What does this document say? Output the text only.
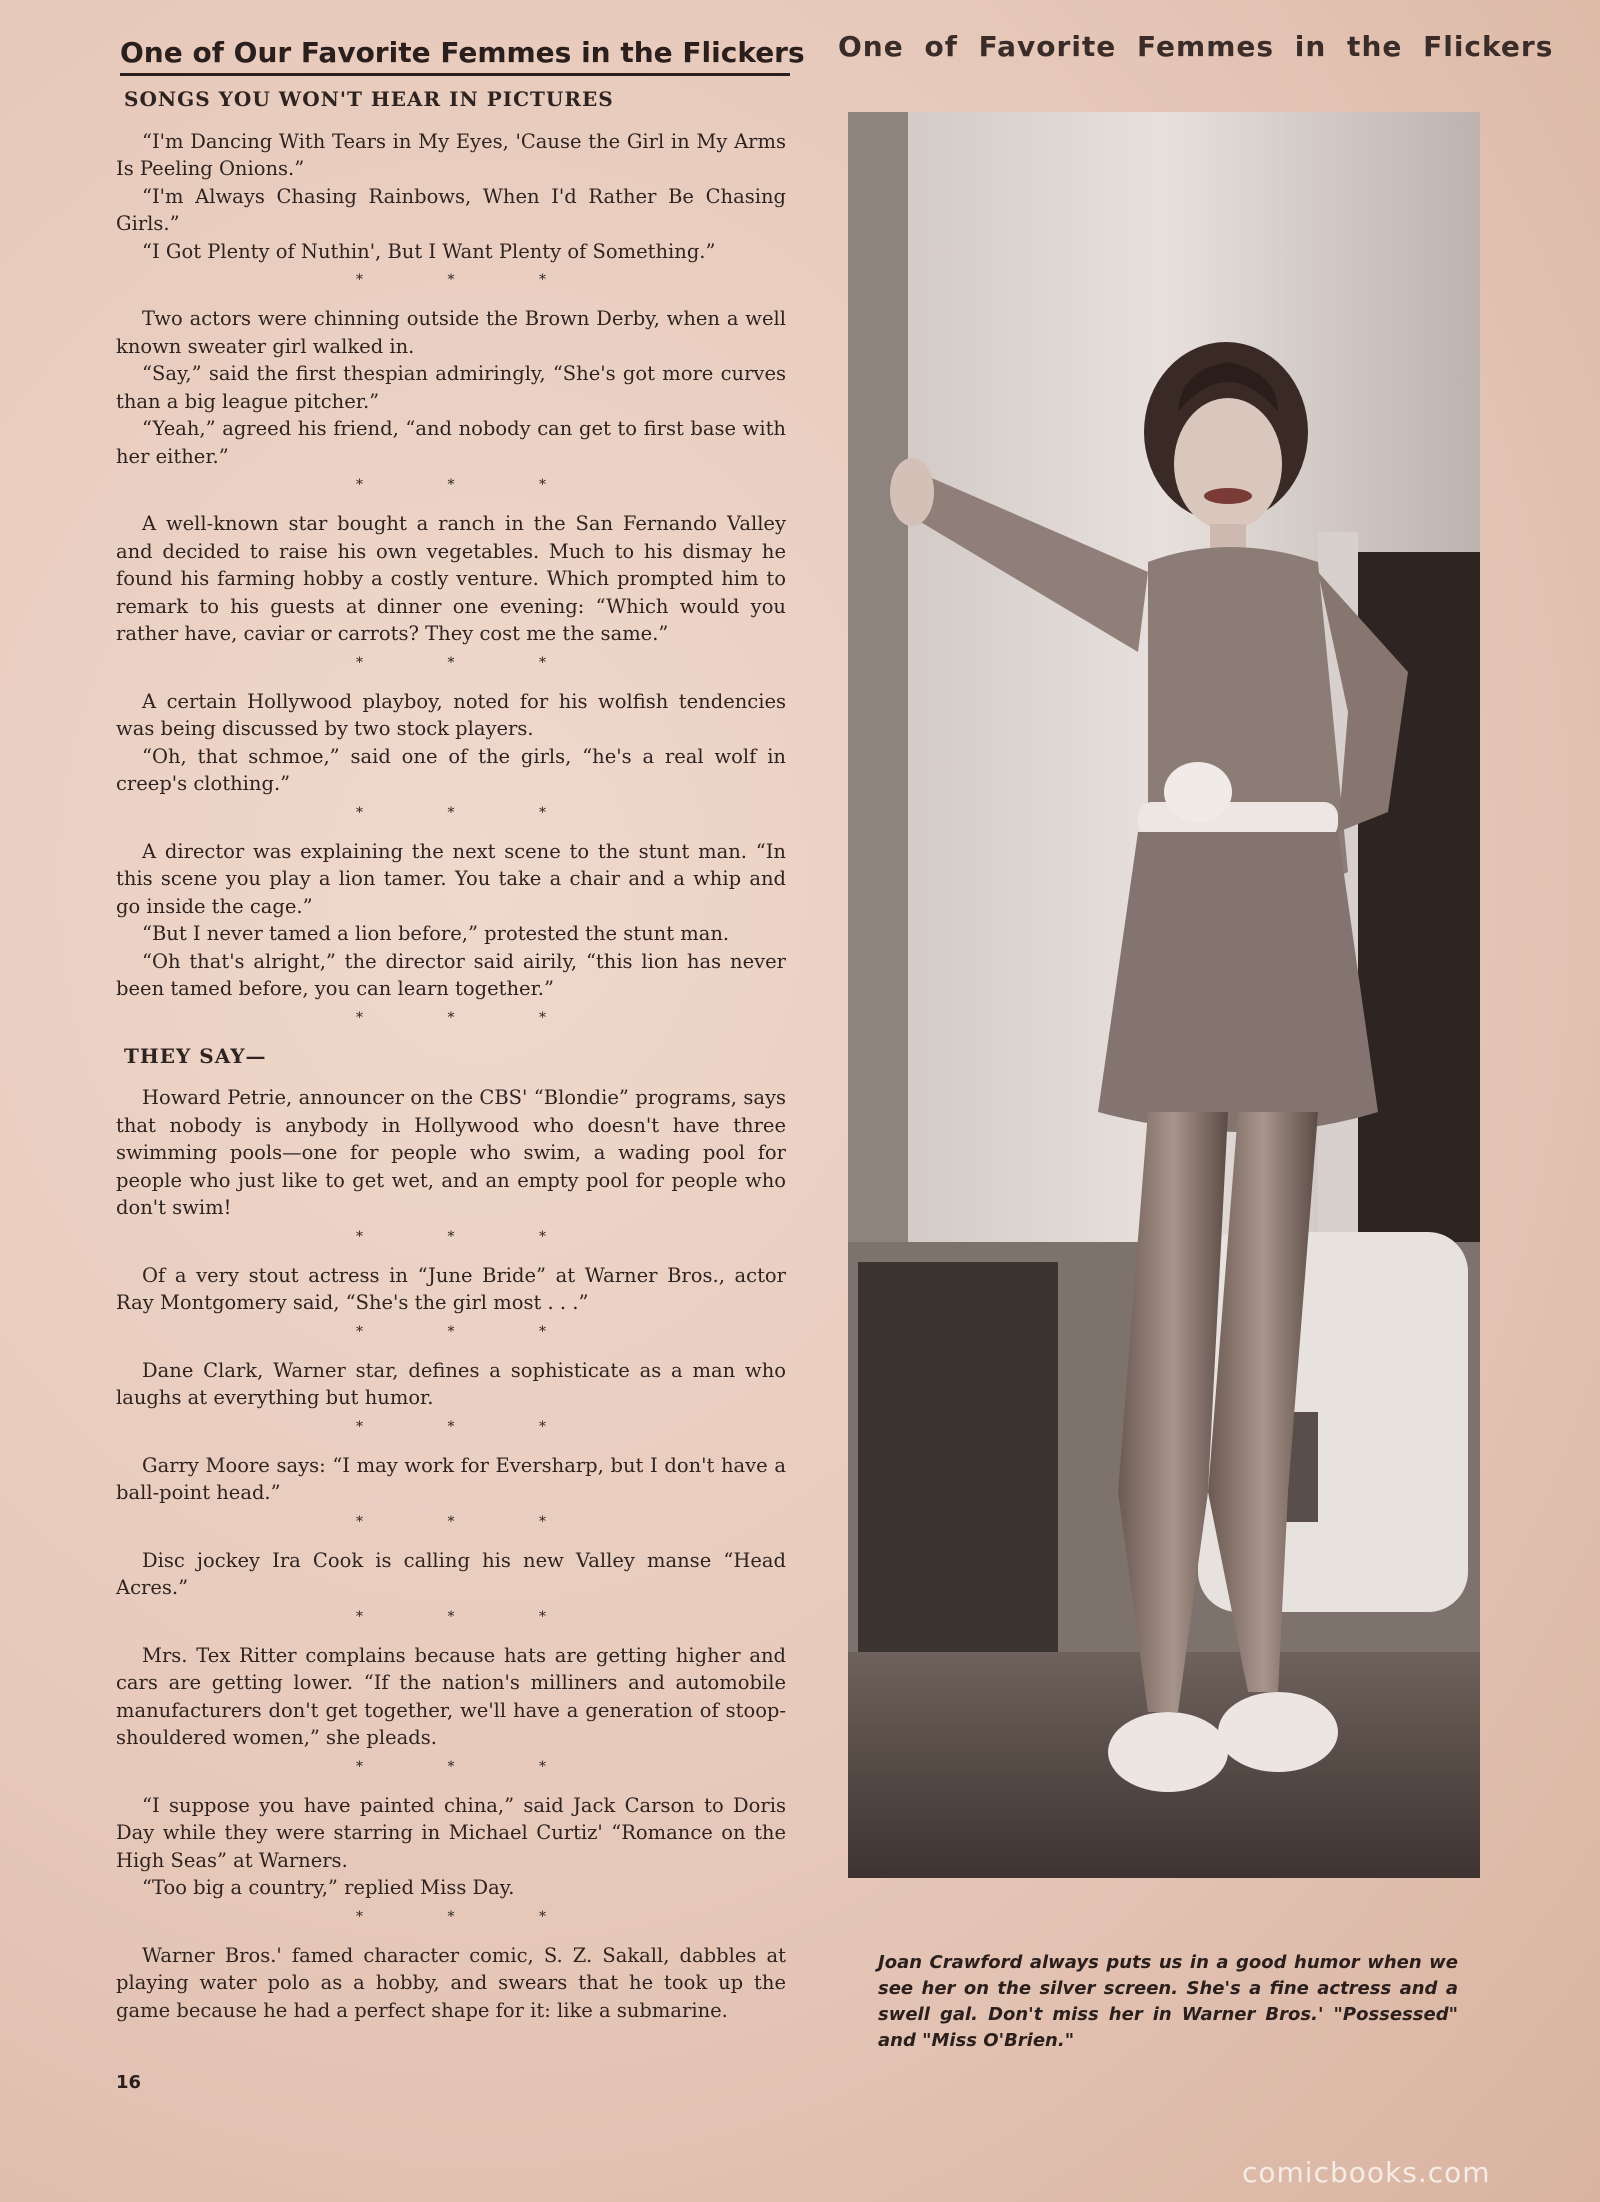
One of Our Favorite Femmes in the Flickers One of Favorite Femmes in the Flickers
SONGS YOU WON'T HEAR IN PICTURES

“I'm Dancing With Tears in My Eyes, 'Cause the Girl in My Arms Is Peeling Onions.”

“I'm Always Chasing Rainbows, When I'd Rather Be Chasing Girls.”

“I Got Plenty of Nuthin', But I Want Plenty of Something.”

* * *

Two actors were chinning outside the Brown Derby, when a well known sweater girl walked in.

“Say,” said the first thespian admiringly, “She's got more curves than a big league pitcher.”

“Yeah,” agreed his friend, “and nobody can get to first base with her either.”

* * *

A well-known star bought a ranch in the San Fernando Valley and decided to raise his own vegetables. Much to his dismay he found his farming hobby a costly venture. Which prompted him to remark to his guests at dinner one evening: “Which would you rather have, caviar or carrots? They cost me the same.”

* * *

A certain Hollywood playboy, noted for his wolfish tendencies was being discussed by two stock players.

“Oh, that schmoe,” said one of the girls, “he's a real wolf in creep's clothing.”

* * *

A director was explaining the next scene to the stunt man. “In this scene you play a lion tamer. You take a chair and a whip and go inside the cage.”

“But I never tamed a lion before,” protested the stunt man.

“Oh that's alright,” the director said airily, “this lion has never been tamed before, you can learn together.”

* * *
THEY SAY—

Howard Petrie, announcer on the CBS' “Blondie” programs, says that nobody is anybody in Hollywood who doesn't have three swimming pools—one for people who swim, a wading pool for people who just like to get wet, and an empty pool for people who don't swim!

* * *

Of a very stout actress in “June Bride” at Warner Bros., actor Ray Montgomery said, “She's the girl most . . .”

* * *

Dane Clark, Warner star, defines a sophisticate as a man who laughs at everything but humor.

* * *

Garry Moore says: “I may work for Eversharp, but I don't have a ball-point head.”

* * *

Disc jockey Ira Cook is calling his new Valley manse “Head Acres.”

* * *

Mrs. Tex Ritter complains because hats are getting higher and cars are getting lower. “If the nation's milliners and automobile manufacturers don't get together, we'll have a generation of stoop-shouldered women,” she pleads.

* * *

“I suppose you have painted china,” said Jack Carson to Doris Day while they were starring in Michael Curtiz' “Romance on the High Seas” at Warners.

“Too big a country,” replied Miss Day.

* * *

Warner Bros.' famed character comic, S. Z. Sakall, dabbles at playing water polo as a hobby, and swears that he took up the game because he had a perfect shape for it: like a submarine.

16
Joan Crawford always puts us in a good humor when we see her on the silver screen. She's a fine actress and a swell gal. Don't miss her in Warner Bros.' "Possessed" and "Miss O'Brien."
comicbooks.com
